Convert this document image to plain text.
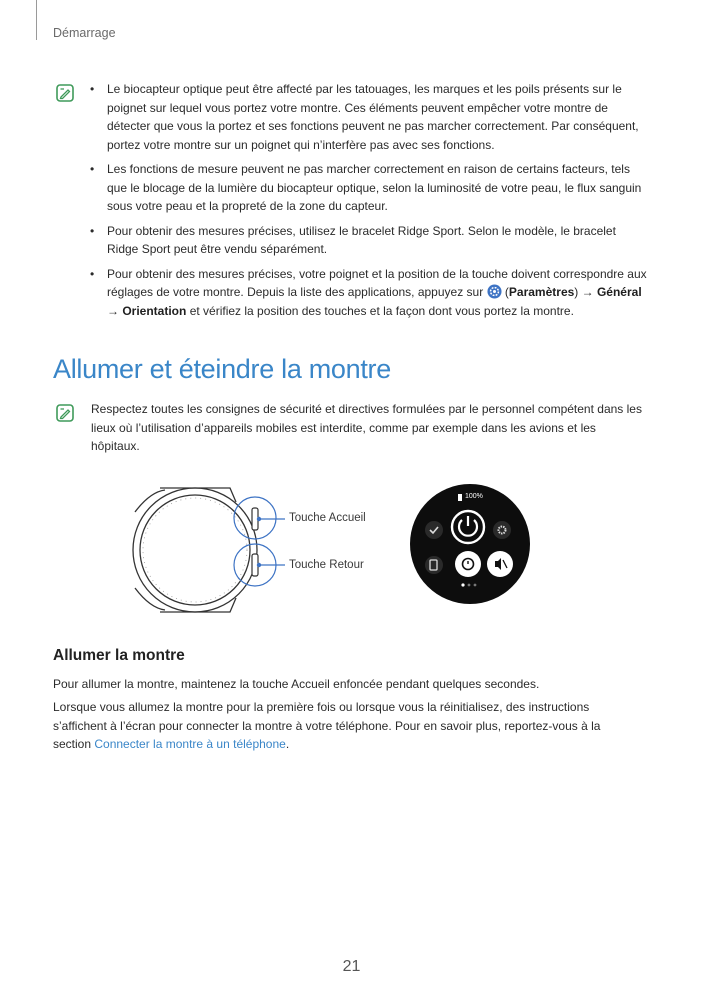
Démarrage
• Le biocapteur optique peut être affecté par les tatouages, les marques et les poils présents sur le poignet sur lequel vous portez votre montre. Ces éléments peuvent empêcher votre montre de détecter que vous la portez et ses fonctions peuvent ne pas marcher correctement. Par conséquent, portez votre montre sur un poignet qui n’interfère pas avec ses fonctions.
• Les fonctions de mesure peuvent ne pas marcher correctement en raison de certains facteurs, tels que le blocage de la lumière du biocapteur optique, selon la luminosité de votre peau, le flux sanguin sous votre peau et la propreté de la zone du capteur.
• Pour obtenir des mesures précises, utilisez le bracelet Ridge Sport. Selon le modèle, le bracelet Ridge Sport peut être vendu séparément.
• Pour obtenir des mesures précises, votre poignet et la position de la touche doivent correspondre aux réglages de votre montre. Depuis la liste des applications, appuyez sur  (Paramètres) → Général → Orientation et vérifiez la position des touches et la façon dont vous portez la montre.
Allumer et éteindre la montre
Respectez toutes les consignes de sécurité et directives formulées par le personnel compétent dans les lieux où l’utilisation d’appareils mobiles est interdite, comme par exemple dans les avions et les hôpitaux.
Touche Accueil
Touche Retour
100%
Allumer la montre
Pour allumer la montre, maintenez la touche Accueil enfoncée pendant quelques secondes.
Lorsque vous allumez la montre pour la première fois ou lorsque vous la réinitialisez, des instructions s’affichent à l’écran pour connecter la montre à votre téléphone. Pour en savoir plus, reportez-vous à la section Connecter la montre à un téléphone.
21
